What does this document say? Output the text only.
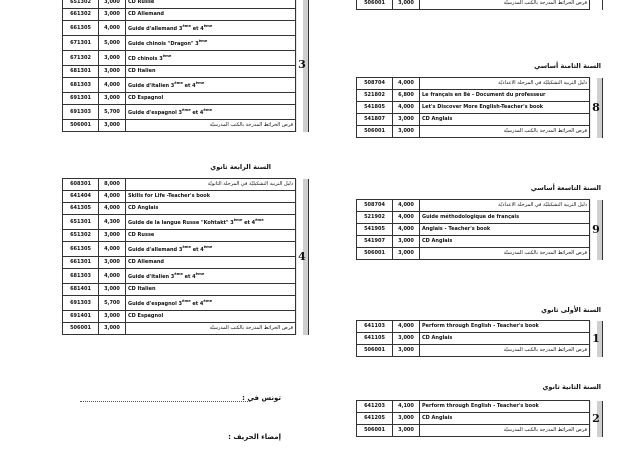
651302	3,000	CD Russe	3
661302	3,000	CD Allemand	
661305	4,000	Guide d'allemand 3ème et 4ème
671301	5,000	Guide chinois "Dragon" 3ème
671302	3,000	CD chinois 3ème
681301	3,000	CD Italien	
681303	4,000	Guide d'italien 3ème et 4ème
691301	3,000	CD Espagnol	
691303	5,700	Guide d'espagnol 3ème et 4ème
506001	3,000	قرص الخرائط المدرجة بالكتب المدرسيّة	
السنة الرابعة ثانوي
608301	8,000	دليل التربية التشكيليّة في المرحلة الثانويّة	4
641404	4,000	Skills for Life -Teacher's book	
641305	4,000	CD Anglais	
651301	4,300	Guide de la langue Russe "Kohtakt" 3ème et 4ème
651302	3,000	CD Russe	
661305	4,000	Guide d'allemand 3ème et 4ème
661301	3,000	CD Allemand	
681303	4,000	Guide d'italien 3ème et 4ème
681401	3,000	CD Italien	
691303	5,700	Guide d'espagnol 3ème et 4ème
691401	3,000	CD Espagnol	
506001	3,000	قرص الخرائط المدرجة بالكتب المدرسيّة	
تونس في :
إمضاء الحريف :
506001	3,000	قرص الخرائط المدرجة بالكتب المدرسيّة	
السنة الثامنة أساسي
508704	4,000	دليل التربية التشكيليّة في المرحلة الاعداديّة	8
521802	6,800	Le français en 8è - Document du professeur	
541805	4,000	Let's Discover More English-Teacher's book	
541807	3,000	CD Anglais	
506001	3,000	قرص الخرائط المدرجة بالكتب المدرسيّة	
السنة التاسعة أساسي
508704	4,000	دليل التربية التشكيليّة في المرحلة الاعداديّة	9
521902	4,000	Guide méthodologique de français	
541905	4,000	Anglais - Teacher's book	
541907	3,000	CD Anglais	
506001	3,000	قرص الخرائط المدرجة بالكتب المدرسيّة	
السنة الأولى ثانوي
641103	4,000	Perform through English - Teacher's book	1
641105	3,000	CD Anglais	
506001	3,000	قرص الخرائط المدرجة بالكتب المدرسيّة	
السنة الثانية ثانوي
641203	4,100	Perform through English - Teacher's book	2
641205	3,000	CD Anglais	
506001	3,000	قرص الخرائط المدرجة بالكتب المدرسيّة	
